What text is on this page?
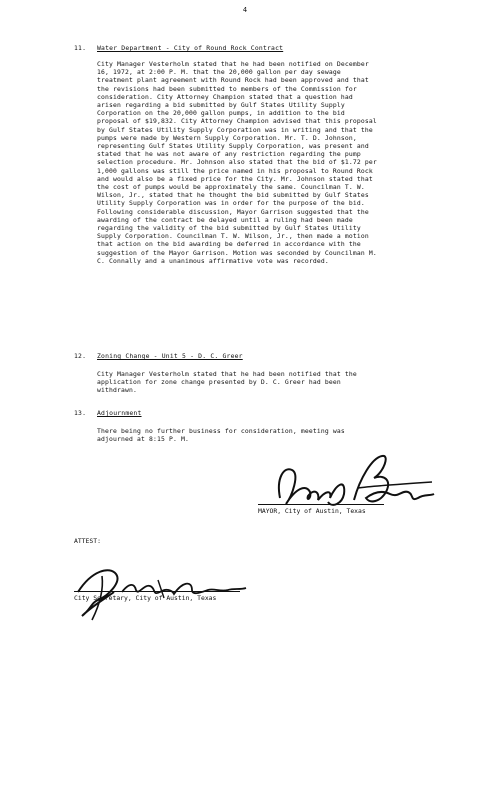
4
11. Water Department - City of Round Rock Contract

City Manager Vesterholm stated that he had been notified on December 16, 1972, at 2:00 P. M. that the 20,000 gallon per day sewage treatment plant agreement with Round Rock had been approved and that the revisions had been submitted to members of the Commission for consideration. City Attorney Champion stated that a question had arisen regarding a bid submitted by Gulf States Utility Supply Corporation on the 20,000 gallon pumps, in addition to the bid proposal of $19,832. City Attorney Champion advised that this proposal by Gulf States Utility Supply Corporation was in writing and that the pumps were made by Western Supply Corporation. Mr. T. D. Johnson, representing Gulf States Utility Supply Corporation, was present and stated that he was not aware of any restriction regarding the pump selection procedure. Mr. Johnson also stated that the bid of $1.72 per 1,000 gallons was still the price named in his proposal to Round Rock and would also be a fixed price for the City. Mr. Johnson stated that the cost of pumps would be approximately the same. Councilman T. W. Wilson, Jr., stated that he thought the bid submitted by Gulf States Utility Supply Corporation was in order for the purpose of the bid. Following considerable discussion, Mayor Garrison suggested that the awarding of the contract be delayed until a ruling had been made regarding the validity of the bid submitted by Gulf States Utility Supply Corporation. Councilman T. W. Wilson, Jr., then made a motion that action on the bid awarding be deferred in accordance with the suggestion of the Mayor Garrison. Motion was seconded by Councilman M. C. Connally and a unanimous affirmative vote was recorded.

12. Zoning Change - Unit 5 - D. C. Greer

City Manager Vesterholm stated that he had been notified that the application for zone change presented by D. C. Greer had been withdrawn.

13. Adjournment

There being no further business for consideration, meeting was adjourned at 8:15 P. M.

MAYOR, City of Austin, Texas
ATTEST:
City Secretary, City of Austin, Texas
